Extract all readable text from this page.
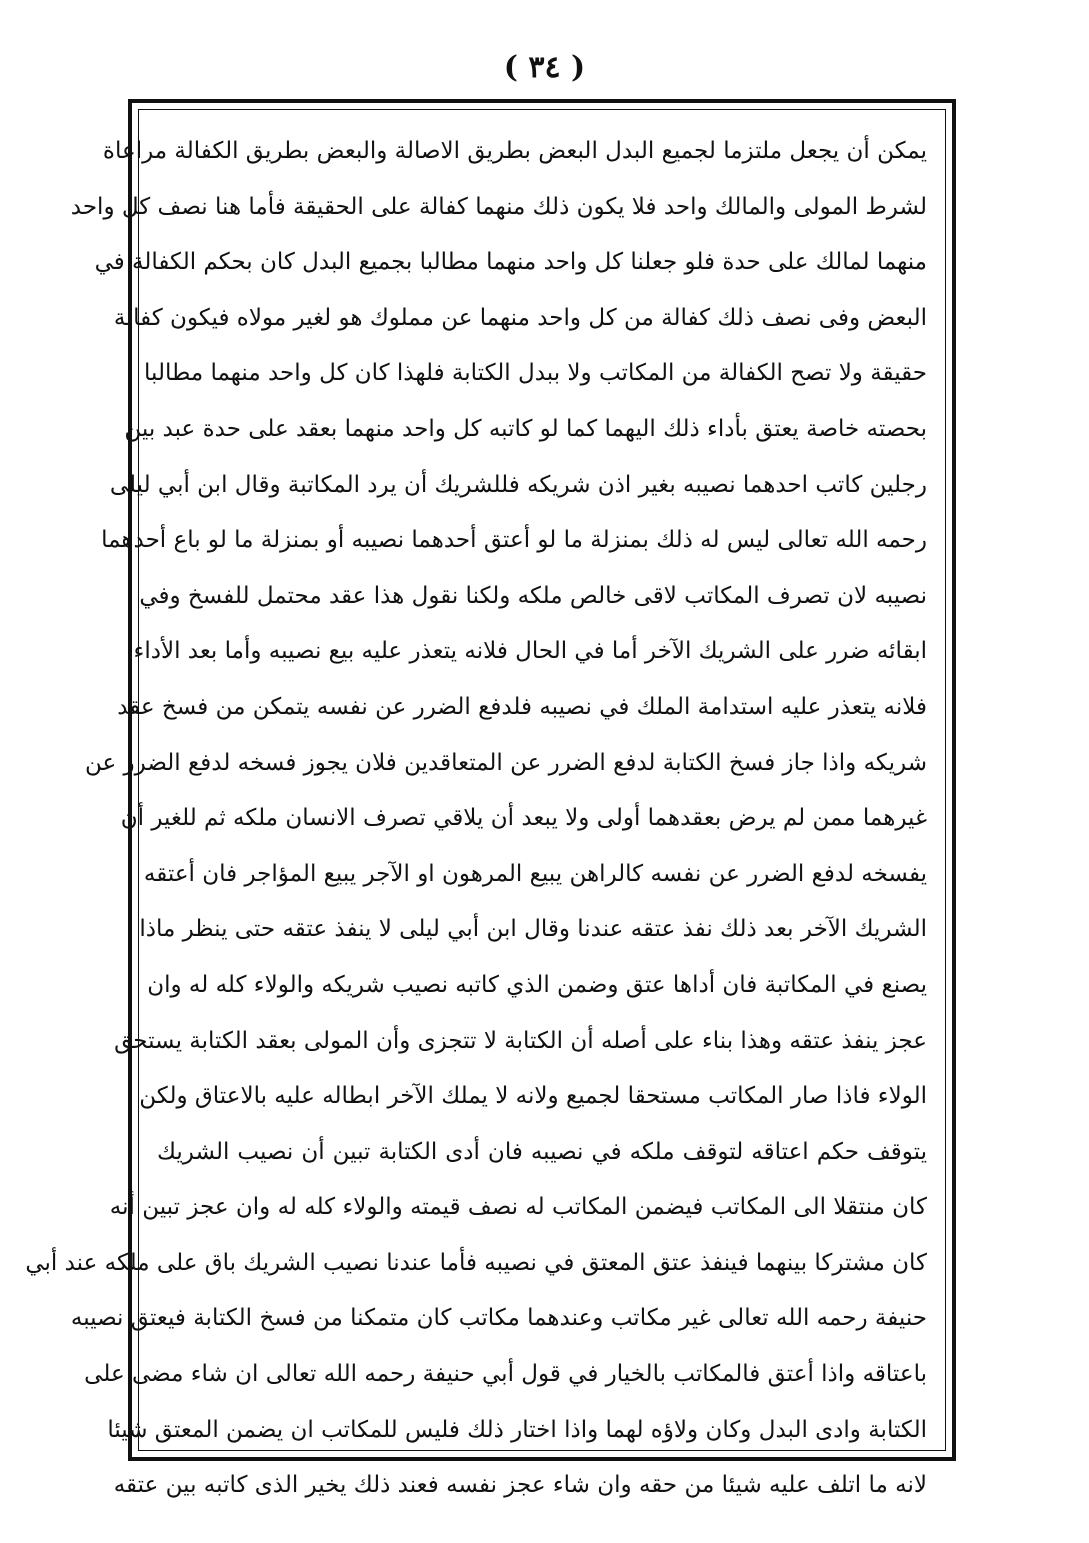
( ٣٤ )
يمكن أن يجعل ملتزما لجميع البدل البعض بطريق الاصالة والبعض بطريق الكفالة مراعاة
لشرط المولى والمالك واحد فلا يكون ذلك منهما كفالة على الحقيقة فأما هنا نصف كل واحد
منهما لمالك على حدة فلو جعلنا كل واحد منهما مطالبا بجميع البدل كان بحكم الكفالة في
البعض وفى نصف ذلك كفالة من كل واحد منهما عن مملوك هو لغير مولاه فيكون كفالة
حقيقة ولا تصح الكفالة من المكاتب ولا ببدل الكتابة فلهذا كان كل واحد منهما مطالبا
بحصته خاصة يعتق بأداء ذلك اليهما كما لو كاتبه كل واحد منهما بعقد على حدة عبد بين
رجلين كاتب احدهما نصيبه بغير اذن شريكه فللشريك أن يرد المكاتبة وقال ابن أبي ليلى
رحمه الله تعالى ليس له ذلك بمنزلة ما لو أعتق أحدهما نصيبه أو بمنزلة ما لو باع أحدهما
نصيبه لان تصرف المكاتب لاقى خالص ملكه ولكنا نقول هذا عقد محتمل للفسخ وفي
ابقائه ضرر على الشريك الآخر أما في الحال فلانه يتعذر عليه بيع نصيبه وأما بعد الأداء
فلانه يتعذر عليه استدامة الملك في نصيبه فلدفع الضرر عن نفسه يتمكن من فسخ عقد
شريكه واذا جاز فسخ الكتابة لدفع الضرر عن المتعاقدين فلان يجوز فسخه لدفع الضرر عن
غيرهما ممن لم يرض بعقدهما أولى ولا يبعد أن يلاقي تصرف الانسان ملكه ثم للغير أن
يفسخه لدفع الضرر عن نفسه كالراهن يبيع المرهون او الآجر يبيع المؤاجر فان أعتقه
الشريك الآخر بعد ذلك نفذ عتقه عندنا وقال ابن أبي ليلى لا ينفذ عتقه حتى ينظر ماذا
يصنع في المكاتبة فان أداها عتق وضمن الذي كاتبه نصيب شريكه والولاء كله له وان
عجز ينفذ عتقه وهذا بناء على أصله أن الكتابة لا تتجزى وأن المولى بعقد الكتابة يستحق
الولاء فاذا صار المكاتب مستحقا لجميع ولانه لا يملك الآخر ابطاله عليه بالاعتاق ولكن
يتوقف حكم اعتاقه لتوقف ملكه في نصيبه فان أدى الكتابة تبين أن نصيب الشريك
كان منتقلا الى المكاتب فيضمن المكاتب له نصف قيمته والولاء كله له وان عجز تبين أنه
كان مشتركا بينهما فينفذ عتق المعتق في نصيبه فأما عندنا نصيب الشريك باق على ملكه عند أبي
حنيفة رحمه الله تعالى غير مكاتب وعندهما مكاتب كان متمكنا من فسخ الكتابة فيعتق نصيبه
باعتاقه واذا أعتق فالمكاتب بالخيار في قول أبي حنيفة رحمه الله تعالى ان شاء مضى على
الكتابة وادى البدل وكان ولاؤه لهما واذا اختار ذلك فليس للمكاتب ان يضمن المعتق شيئا
لانه ما اتلف عليه شيئا من حقه وان شاء عجز نفسه فعند ذلك يخير الذى كاتبه بين عتقه
